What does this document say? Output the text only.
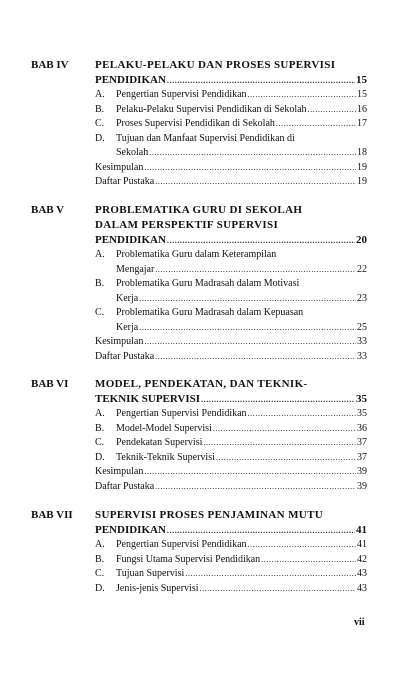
BAB IV PELAKU-PELAKU DAN PROSES SUPERVISI
PENDIDIKAN .....	15
A.	Pengertian Supervisi Pendidikan .....	15
B.	Pelaku-Pelaku Supervisi Pendidikan di Sekolah .....	16
C.	Proses Supervisi Pendidikan di Sekolah .....	17
D.	Tujuan dan Manfaat Supervisi Pendidikan di
Sekolah .....	18
Kesimpulan .....	19
Daftar Pustaka .....	19
BAB V	PROBLEMATIKA GURU DI SEKOLAH
DALAM PERSPEKTIF SUPERVISI
PENDIDIKAN .....	20
A.	Problematika Guru dalam Keterampilan
Mengajar .....	22
B.	Problematika Guru Madrasah dalam Motivasi
Kerja .....	23
C.	Problematika Guru Madrasah dalam Kepuasan
Kerja .....	25
Kesimpulan .....	33
Daftar Pustaka .....	33
BAB VI MODEL, PENDEKATAN, DAN TEKNIK-
TEKNIK SUPERVISI .....	35
A.	Pengertian Supervisi Pendidikan .....	35
B.	Model-Model Supervisi .....	36
C.	Pendekatan Supervisi .....	37
D.	Teknik-Teknik Supervisi .....	37
Kesimpulan .....	39
Daftar Pustaka .....	39
BAB VII SUPERVISI PROSES PENJAMINAN MUTU
PENDIDIKAN .....	41
A.	Pengertian Supervisi Pendidikan .....	41
B.	Fungsi Utama Supervisi Pendidikan .....	42
C.	Tujuan Supervisi .....	43
D.	Jenis-jenis Supervisi .....	43
vii
